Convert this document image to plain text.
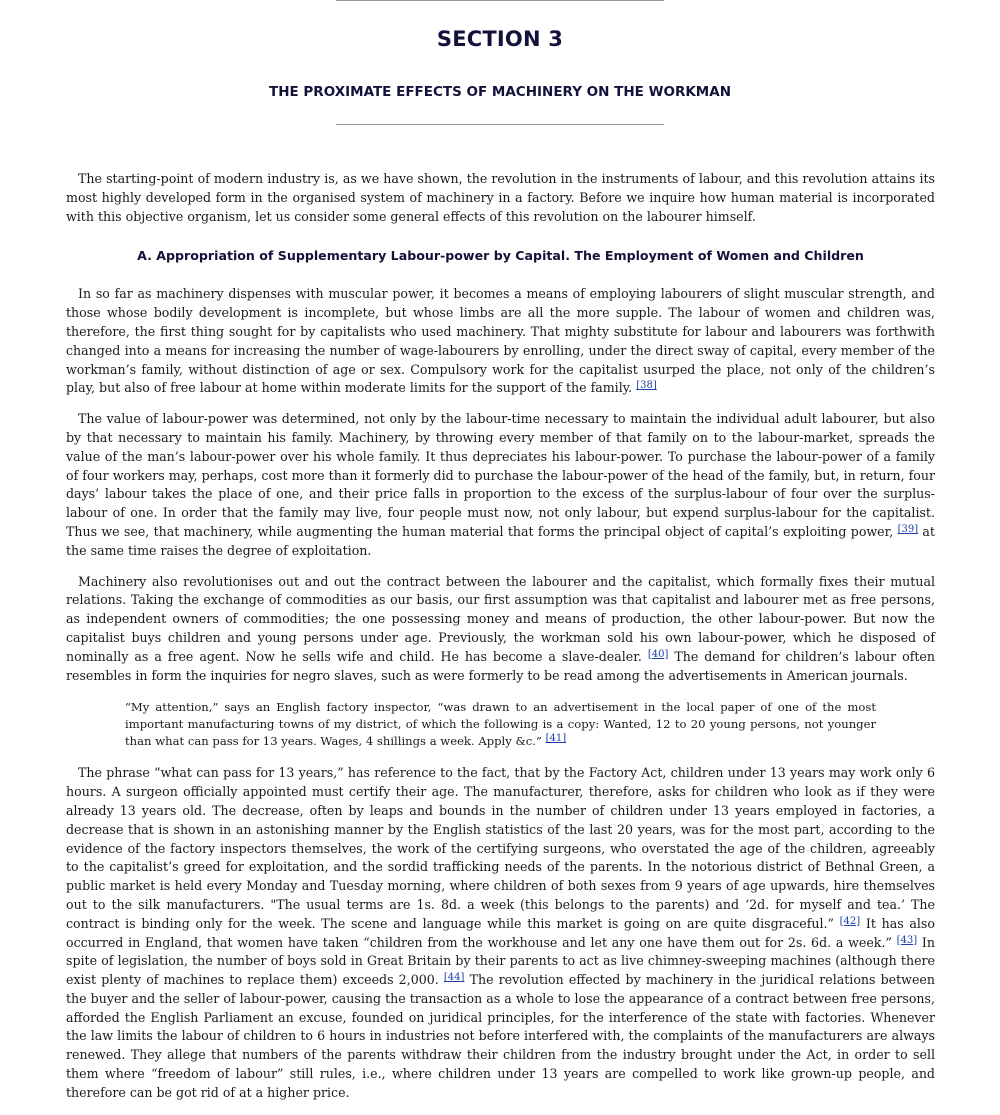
SECTION 3
THE PROXIMATE EFFECTS OF MACHINERY ON THE WORKMAN

The starting-point of modern industry is, as we have shown, the revolution in the instruments of labour, and this revolution attains its most highly developed form in the organised system of machinery in a factory. Before we inquire how human material is incorporated with this objective organism, let us consider some general effects of this revolution on the labourer himself.

A. Appropriation of Supplementary Labour-power by Capital. The Employment of Women and Children

In so far as machinery dispenses with muscular power, it becomes a means of employing labourers of slight muscular strength, and those whose bodily development is incomplete, but whose limbs are all the more supple. The labour of women and children was, therefore, the first thing sought for by capitalists who used machinery. That mighty substitute for labour and labourers was forthwith changed into a means for increasing the number of wage-labourers by enrolling, under the direct sway of capital, every member of the workman’s family, without distinction of age or sex. Compulsory work for the capitalist usurped the place, not only of the children’s play, but also of free labour at home within moderate limits for the support of the family. [38]

The value of labour-power was determined, not only by the labour-time necessary to maintain the individual adult labourer, but also by that necessary to maintain his family. Machinery, by throwing every member of that family on to the labour-market, spreads the value of the man’s labour-power over his whole family. It thus depreciates his labour-power. To purchase the labour-power of a family of four workers may, perhaps, cost more than it formerly did to purchase the labour-power of the head of the family, but, in return, four days’ labour takes the place of one, and their price falls in proportion to the excess of the surplus-labour of four over the surplus-labour of one. In order that the family may live, four people must now, not only labour, but expend surplus-labour for the capitalist. Thus we see, that machinery, while augmenting the human material that forms the principal object of capital’s exploiting power, [39] at the same time raises the degree of exploitation.

Machinery also revolutionises out and out the contract between the labourer and the capitalist, which formally fixes their mutual relations. Taking the exchange of commodities as our basis, our first assumption was that capitalist and labourer met as free persons, as independent owners of commodities; the one possessing money and means of production, the other labour-power. But now the capitalist buys children and young persons under age. Previously, the workman sold his own labour-power, which he disposed of nominally as a free agent. Now he sells wife and child. He has become a slave-dealer. [40] The demand for children’s labour often resembles in form the inquiries for negro slaves, such as were formerly to be read among the advertisements in American journals.

“My attention,” says an English factory inspector, “was drawn to an advertisement in the local paper of one of the most important manufacturing towns of my district, of which the following is a copy: Wanted, 12 to 20 young persons, not younger than what can pass for 13 years. Wages, 4 shillings a week. Apply &c.” [41]

The phrase “what can pass for 13 years,” has reference to the fact, that by the Factory Act, children under 13 years may work only 6 hours. A surgeon officially appointed must certify their age. The manufacturer, therefore, asks for children who look as if they were already 13 years old. The decrease, often by leaps and bounds in the number of children under 13 years employed in factories, a decrease that is shown in an astonishing manner by the English statistics of the last 20 years, was for the most part, according to the evidence of the factory inspectors themselves, the work of the certifying surgeons, who overstated the age of the children, agreeably to the capitalist’s greed for exploitation, and the sordid trafficking needs of the parents. In the notorious district of Bethnal Green, a public market is held every Monday and Tuesday morning, where children of both sexes from 9 years of age upwards, hire themselves out to the silk manufacturers. "The usual terms are 1s. 8d. a week (this belongs to the parents) and ‘2d. for myself and tea.’ The contract is binding only for the week. The scene and language while this market is going on are quite disgraceful.” [42] It has also occurred in England, that women have taken “children from the workhouse and let any one have them out for 2s. 6d. a week.” [43] In spite of legislation, the number of boys sold in Great Britain by their parents to act as live chimney-sweeping machines (although there exist plenty of machines to replace them) exceeds 2,000. [44] The revolution effected by machinery in the juridical relations between the buyer and the seller of labour-power, causing the transaction as a whole to lose the appearance of a contract between free persons, afforded the English Parliament an excuse, founded on juridical principles, for the interference of the state with factories. Whenever the law limits the labour of children to 6 hours in industries not before interfered with, the complaints of the manufacturers are always renewed. They allege that numbers of the parents withdraw their children from the industry brought under the Act, in order to sell them where “freedom of labour” still rules, i.e., where children under 13 years are compelled to work like grown-up people, and therefore can be got rid of at a higher price.
